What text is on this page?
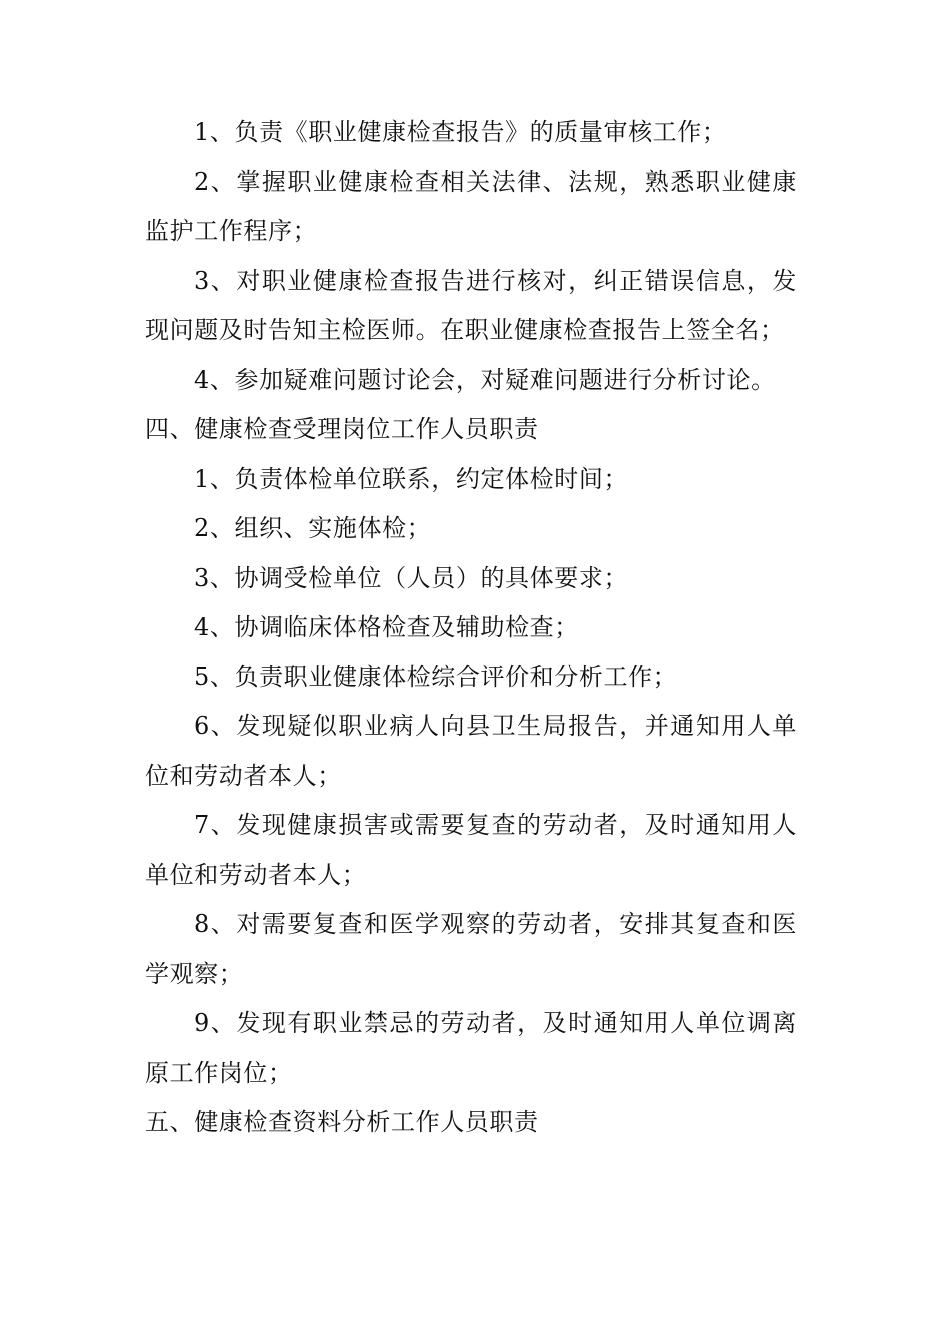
1、负责《职业健康检查报告》的质量审核工作；

2、掌握职业健康检查相关法律、法规，熟悉职业健康监护工作程序；

3、对职业健康检查报告进行核对，纠正错误信息，发现问题及时告知主检医师。在职业健康检查报告上签全名；

4、参加疑难问题讨论会，对疑难问题进行分析讨论。

四、健康检查受理岗位工作人员职责

1、负责体检单位联系，约定体检时间；

2、组织、实施体检；

3、协调受检单位（人员）的具体要求；

4、协调临床体格检查及辅助检查；

5、负责职业健康体检综合评价和分析工作；

6、发现疑似职业病人向县卫生局报告，并通知用人单位和劳动者本人；

7、发现健康损害或需要复查的劳动者，及时通知用人单位和劳动者本人；

8、对需要复查和医学观察的劳动者，安排其复查和医学观察；

9、发现有职业禁忌的劳动者，及时通知用人单位调离原工作岗位；

五、健康检查资料分析工作人员职责
